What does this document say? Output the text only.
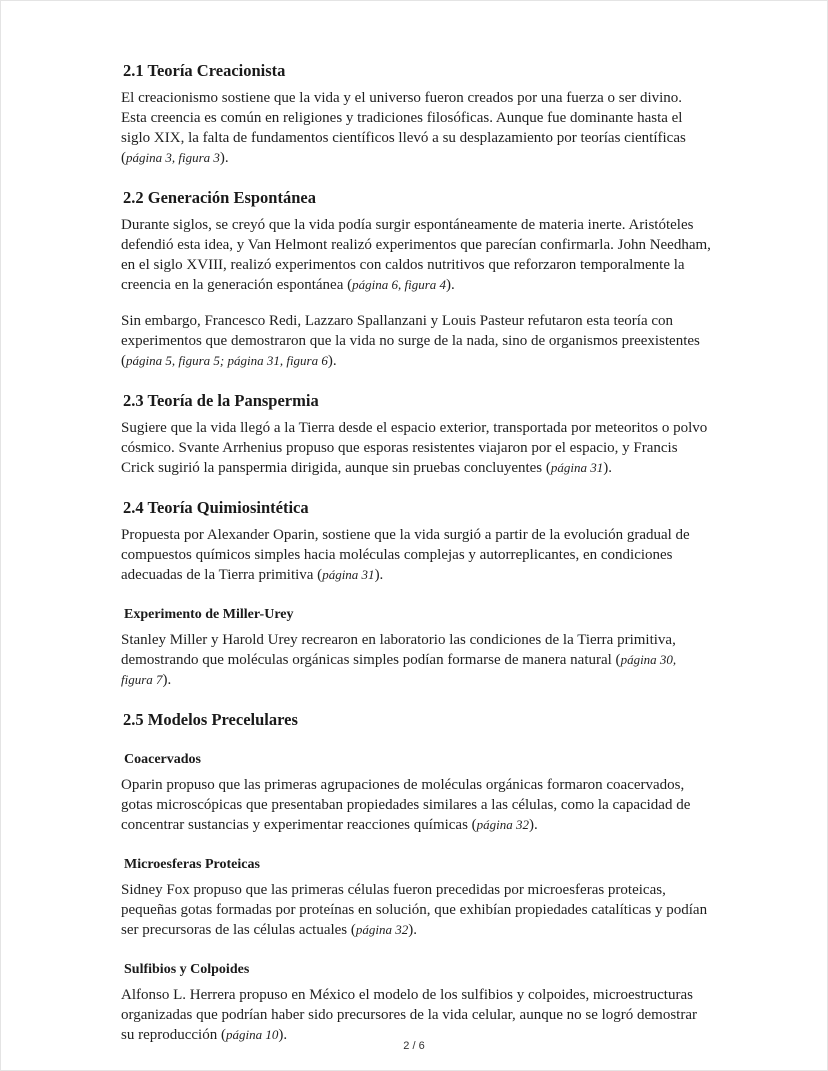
2.1 Teoría Creacionista

El creacionismo sostiene que la vida y el universo fueron creados por una fuerza o ser divino. Esta creencia es común en religiones y tradiciones filosóficas. Aunque fue dominante hasta el siglo XIX, la falta de fundamentos científicos llevó a su desplazamiento por teorías científicas (página 3, figura 3).

2.2 Generación Espontánea

Durante siglos, se creyó que la vida podía surgir espontáneamente de materia inerte. Aristóteles defendió esta idea, y Van Helmont realizó experimentos que parecían confirmarla. John Needham, en el siglo XVIII, realizó experimentos con caldos nutritivos que reforzaron temporalmente la creencia en la generación espontánea (página 6, figura 4).

Sin embargo, Francesco Redi, Lazzaro Spallanzani y Louis Pasteur refutaron esta teoría con experimentos que demostraron que la vida no surge de la nada, sino de organismos preexistentes (página 5, figura 5; página 31, figura 6).

2.3 Teoría de la Panspermia

Sugiere que la vida llegó a la Tierra desde el espacio exterior, transportada por meteoritos o polvo cósmico. Svante Arrhenius propuso que esporas resistentes viajaron por el espacio, y Francis Crick sugirió la panspermia dirigida, aunque sin pruebas concluyentes (página 31).

2.4 Teoría Quimiosintética

Propuesta por Alexander Oparin, sostiene que la vida surgió a partir de la evolución gradual de compuestos químicos simples hacia moléculas complejas y autorreplicantes, en condiciones adecuadas de la Tierra primitiva (página 31).

Experimento de Miller-Urey

Stanley Miller y Harold Urey recrearon en laboratorio las condiciones de la Tierra primitiva, demostrando que moléculas orgánicas simples podían formarse de manera natural (página 30, figura 7).

2.5 Modelos Precelulares
Coacervados

Oparin propuso que las primeras agrupaciones de moléculas orgánicas formaron coacervados, gotas microscópicas que presentaban propiedades similares a las células, como la capacidad de concentrar sustancias y experimentar reacciones químicas (página 32).

Microesferas Proteicas

Sidney Fox propuso que las primeras células fueron precedidas por microesferas proteicas, pequeñas gotas formadas por proteínas en solución, que exhibían propiedades catalíticas y podían ser precursoras de las células actuales (página 32).

Sulfibios y Colpoides

Alfonso L. Herrera propuso en México el modelo de los sulfibios y colpoides, microestructuras organizadas que podrían haber sido precursores de la vida celular, aunque no se logró demostrar su reproducción (página 10).

2 / 6
